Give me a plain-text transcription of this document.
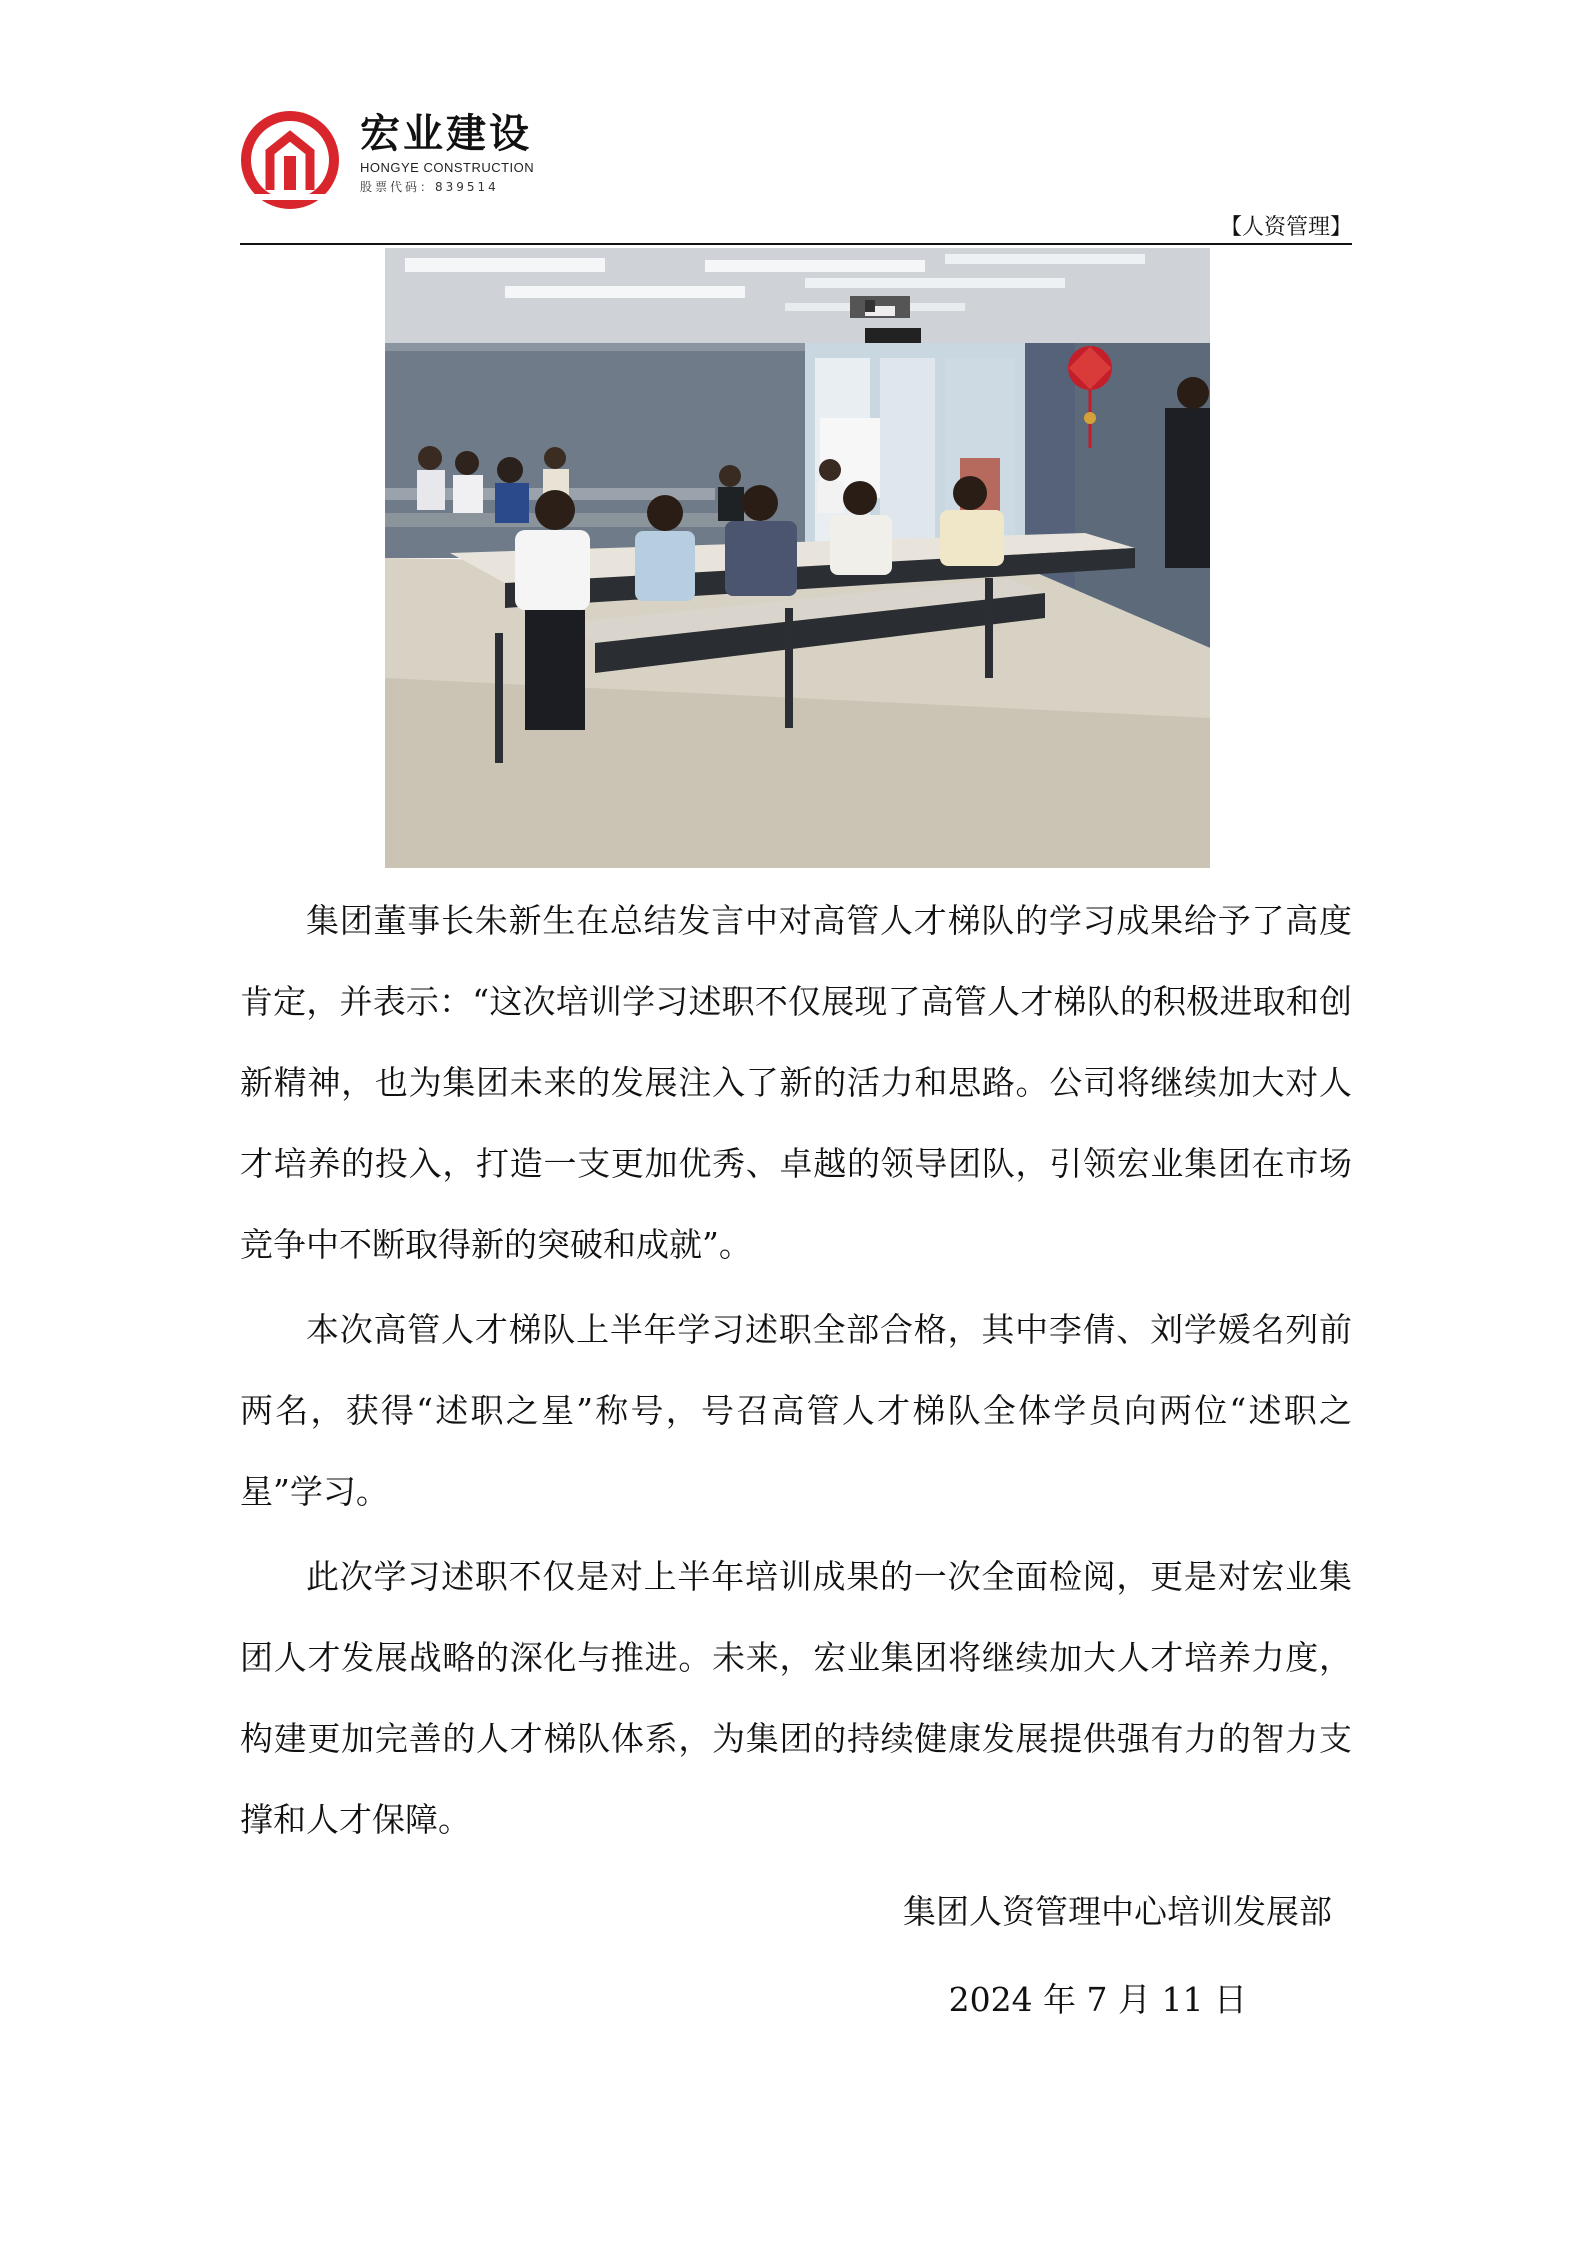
宏业建设
HONGYE CONSTRUCTION
股票代码：839514
【人资管理】

集团董事长朱新生在总结发言中对高管人才梯队的学习成果给予了高度肯定，并表示：“这次培训学习述职不仅展现了高管人才梯队的积极进取和创新精神，也为集团未来的发展注入了新的活力和思路。公司将继续加大对人才培养的投入，打造一支更加优秀、卓越的领导团队，引领宏业集团在市场竞争中不断取得新的突破和成就”。

本次高管人才梯队上半年学习述职全部合格，其中李倩、刘学媛名列前两名，获得“述职之星”称号，号召高管人才梯队全体学员向两位“述职之星”学习。

此次学习述职不仅是对上半年培训成果的一次全面检阅，更是对宏业集团人才发展战略的深化与推进。未来，宏业集团将继续加大人才培养力度，构建更加完善的人才梯队体系，为集团的持续健康发展提供强有力的智力支撑和人才保障。

集团人资管理中心培训发展部
2024 年 7 月 11 日
